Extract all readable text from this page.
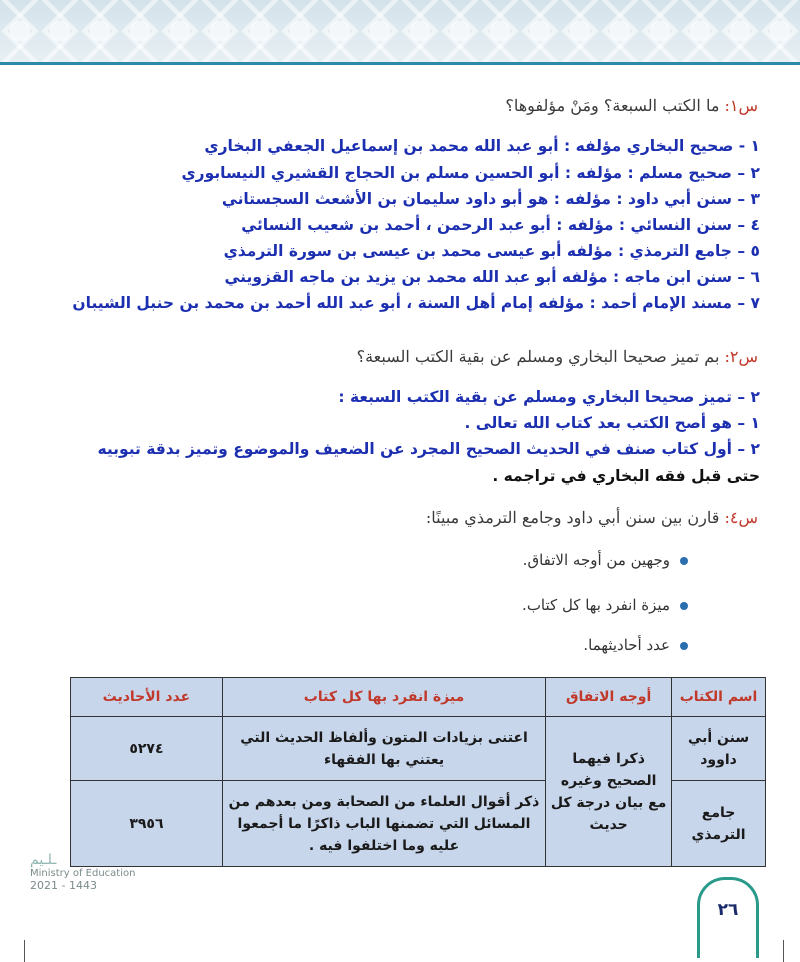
س١: ما الكتب السبعة؟ ومَنْ مؤلفوها؟
١ - صحيح البخاري مؤلفه : أبو عبد الله محمد بن إسماعيل الجعفي البخاري
٢ – صحيح مسلم : مؤلفه : أبو الحسين مسلم بن الحجاج القشيري النيسابوري
٣ – سنن أبي داود : مؤلفه : هو أبو داود سليمان بن الأشعث السجستاني
٤ – سنن النسائي : مؤلفه : أبو عبد الرحمن ، أحمد بن شعيب النسائي
٥ – جامع الترمذي : مؤلفه أبو عيسى محمد بن عيسى بن سورة الترمذي
٦ – سنن ابن ماجه : مؤلفه أبو عبد الله محمد بن يزيد بن ماجه القزويني
٧ – مسند الإمام أحمد : مؤلفه إمام أهل السنة ، أبو عبد الله أحمد بن محمد بن حنبل الشيبان
س٢: بم تميز صحيحا البخاري ومسلم عن بقية الكتب السبعة؟
٢ – تميز صحيحا البخاري ومسلم عن بقية الكتب السبعة :
١ – هو أصح الكتب بعد كتاب الله تعالى .
٢ – أول كتاب صنف في الحديث الصحيح المجرد عن الضعيف والموضوع وتميز بدقة تبوبيه
حتى قبل فقه البخاري في تراجمه .
س٤: قارن بين سنن أبي داود وجامع الترمذي مبينًا:
وجهين من أوجه الاتفاق.
ميزة انفرد بها كل كتاب.
عدد أحاديثهما.
اسم الكتاب	أوجه الاتفاق	ميزة انفرد بها كل كتاب	عدد الأحاديث
سنن أبي داوود	ذكرا فيهما الصحيح وغيره مع بيان درجة كل حديث	اعتنى بزيادات المتون وألفاظ الحديث التي يعتني بها الفقهاء	٥٢٧٤
جامع الترمذي		ذكر أقوال العلماء من الصحابة ومن بعدهم من المسائل التي تضمنها الباب ذاكرًا ما أجمعوا عليه وما اختلفوا فيه .	٣٩٥٦
ـلـيم
Ministry of Education
2021 - 1443
٢٦
